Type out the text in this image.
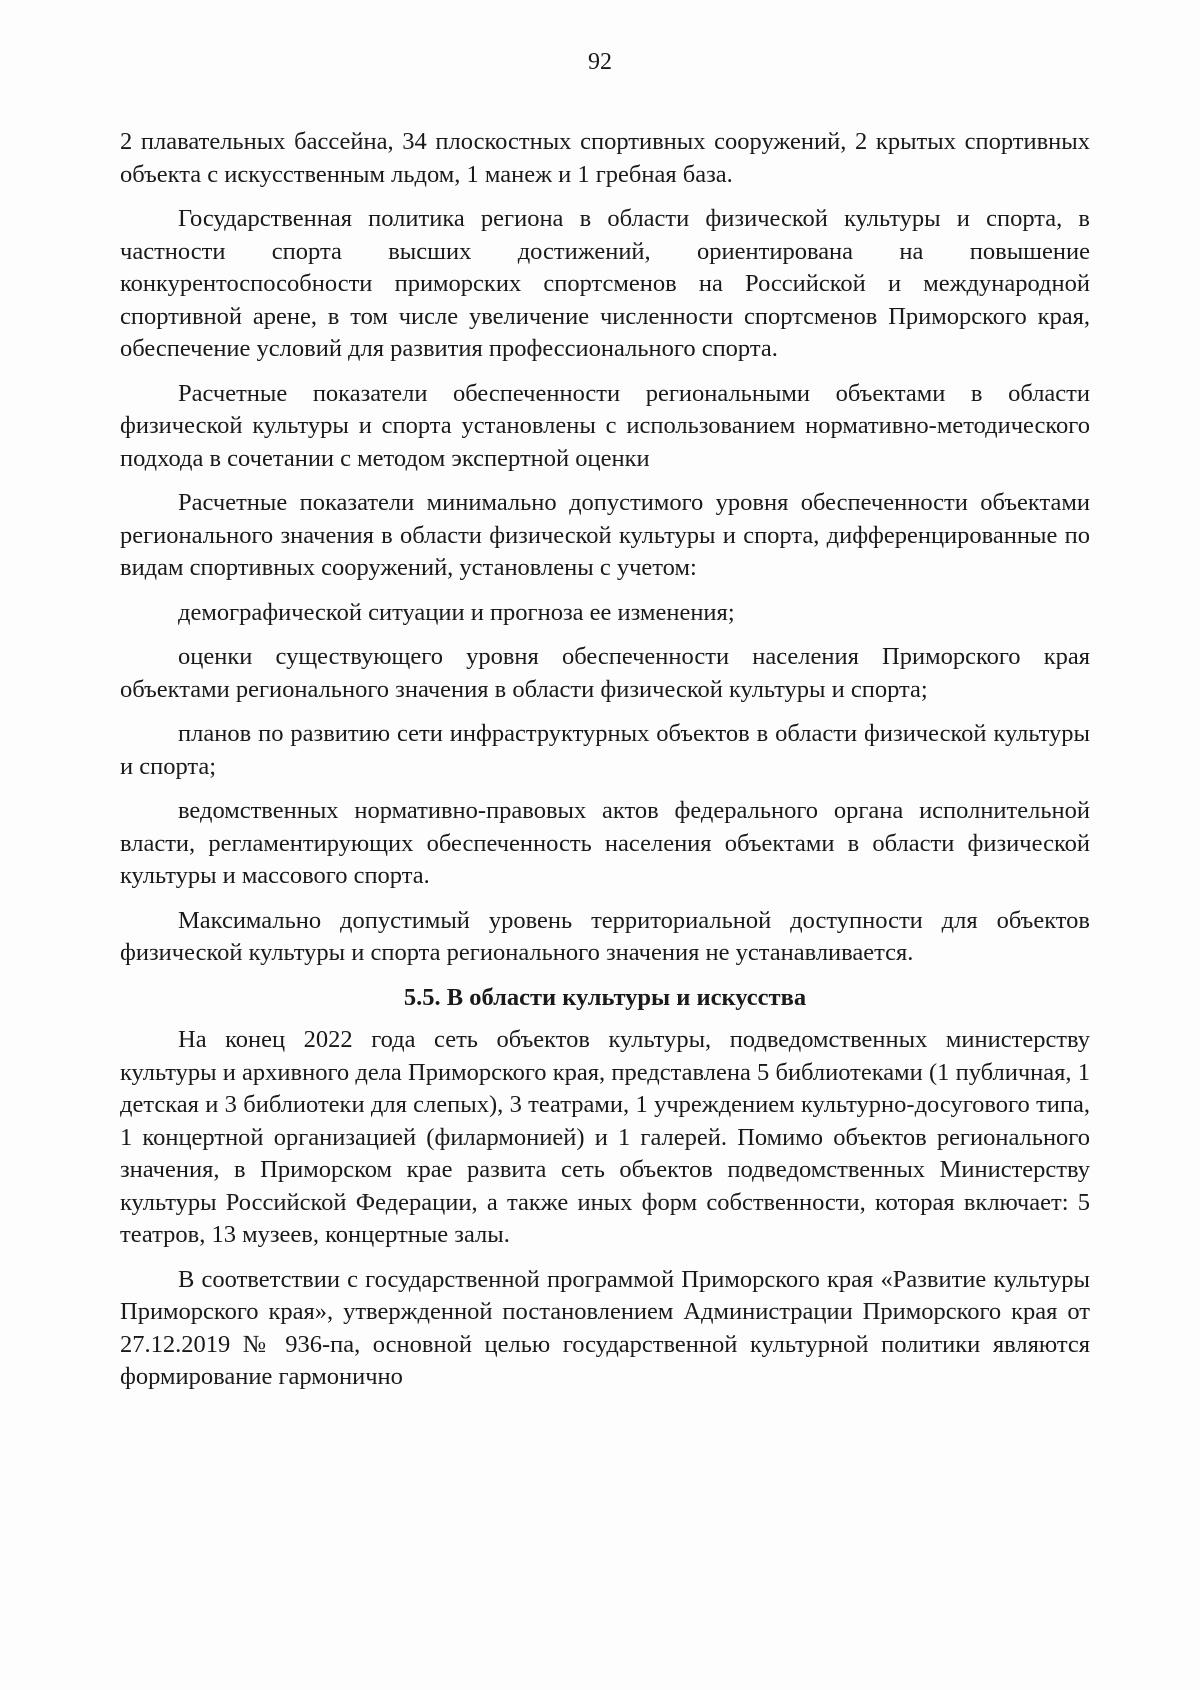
92

2 плавательных бассейна, 34 плоскостных спортивных сооружений, 2 крытых спортивных объекта с искусственным льдом, 1 манеж и 1 гребная база.

Государственная политика региона в области физической культуры и спорта, в частности спорта высших достижений, ориентирована на повышение конкурентоспособности приморских спортсменов на Российской и международной спортивной арене, в том числе увеличение численности спортсменов Приморского края, обеспечение условий для развития профессионального спорта.

Расчетные показатели обеспеченности региональными объектами в области физической культуры и спорта установлены с использованием нормативно-методического подхода в сочетании с методом экспертной оценки

Расчетные показатели минимально допустимого уровня обеспеченности объектами регионального значения в области физической культуры и спорта, дифференцированные по видам спортивных сооружений, установлены с учетом:

демографической ситуации и прогноза ее изменения;

оценки существующего уровня обеспеченности населения Приморского края объектами регионального значения в области физической культуры и спорта;

планов по развитию сети инфраструктурных объектов в области физической культуры и спорта;

ведомственных нормативно-правовых актов федерального органа исполнительной власти, регламентирующих обеспеченность населения объектами в области физической культуры и массового спорта.

Максимально допустимый уровень территориальной доступности для объектов физической культуры и спорта регионального значения не устанавливается.

5.5. В области культуры и искусства

На конец 2022 года сеть объектов культуры, подведомственных министерству культуры и архивного дела Приморского края, представлена 5 библиотеками (1 публичная, 1 детская и 3 библиотеки для слепых), 3 театрами, 1 учреждением культурно-досугового типа, 1 концертной организацией (филармонией) и 1 галерей. Помимо объектов регионального значения, в Приморском крае развита сеть объектов подведомственных Министерству культуры Российской Федерации, а также иных форм собственности, которая включает: 5 театров, 13 музеев, концертные залы.

В соответствии с государственной программой Приморского края «Развитие культуры Приморского края», утвержденной постановлением Администрации Приморского края от 27.12.2019 № 936-па, основной целью государственной культурной политики являются формирование гармонично
